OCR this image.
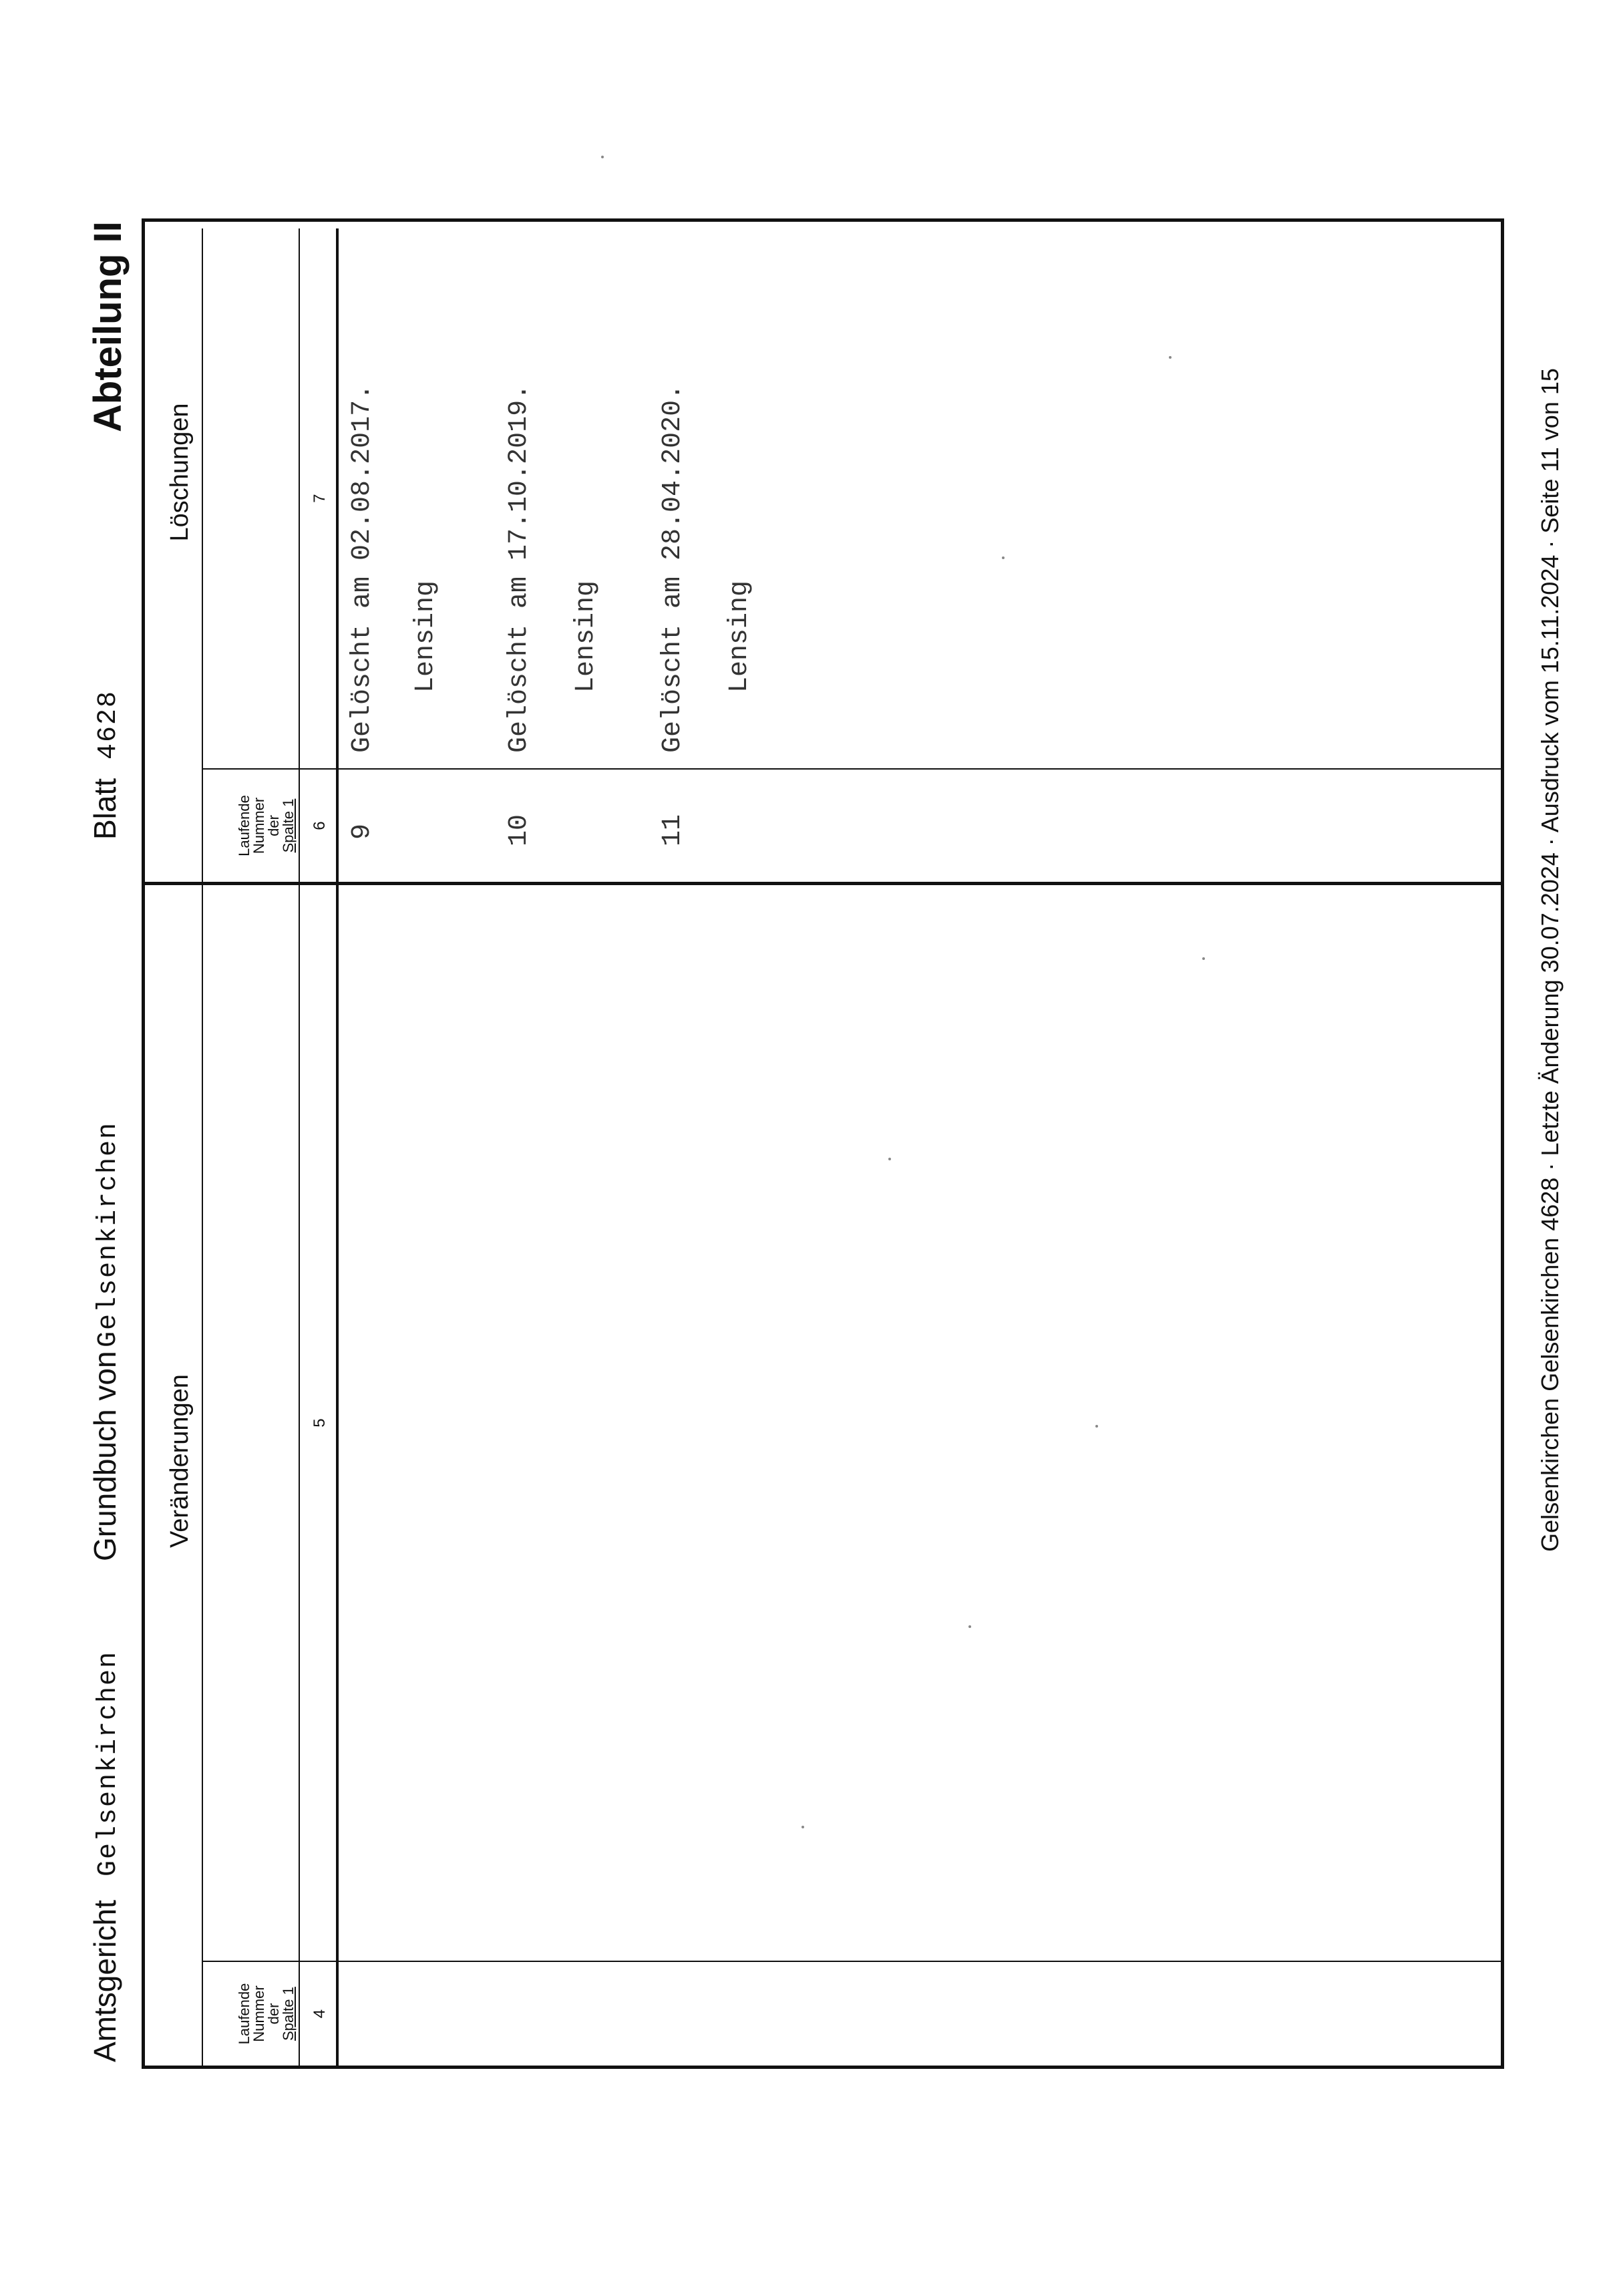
Amtsgericht
Gelsenkirchen
Grundbuch von
Gelsenkirchen
Blatt
4628
Abteilung II
Veränderungen
Löschungen
Laufende
Nummer
der
Spalte 1
Laufende
Nummer
der
Spalte 1
4
5
6
7
9
Gelöscht am 02.08.2017. Lensing
10
Gelöscht am 17.10.2019. Lensing
11
Gelöscht am 28.04.2020. Lensing	Gelsenkirchen Gelsenkirchen 4628 · Letzte Änderung 30.07.2024 · Ausdruck vom 15.11.2024 · Seite 11 von 15
